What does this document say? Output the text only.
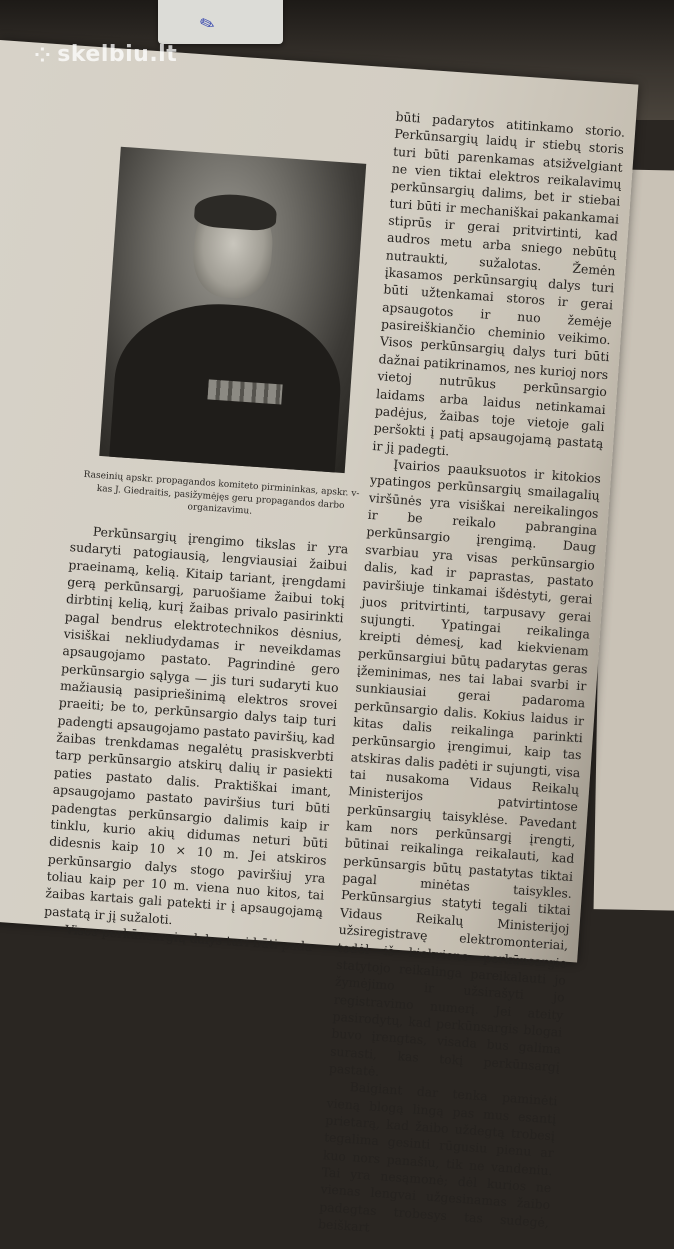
✎
Raseinių apskr. propagandos komiteto pirmininkas, apskr. v-kas J. Giedraitis, pasižymėjęs geru propagandos darbo organizavimu.

Perkūnsargių įrengimo tikslas ir yra sudaryti patogiausią, lengviausiai žaibui praeinamą, kelią. Kitaip tariant, įrengdami gerą perkūnsargį, paruošiame žaibui tokį dirbtinį kelią, kurį žaibas privalo pasirinkti pagal bendrus elektrotechnikos dėsnius, visiškai nekliudydamas ir neveikdamas apsaugojamo pastato. Pagrindinė gero perkūnsargio sąlyga — jis turi sudaryti kuo mažiausią pasipriešinimą elektros srovei praeiti; be to, perkūnsargio dalys taip turi padengti apsaugojamo pastato paviršių, kad žaibas trenkdamas negalėtų prasiskverbti tarp perkūnsargio atskirų dalių ir pasiekti paties pastato dalis. Praktiškai imant, apsaugojamo pastato paviršius turi būti padengtas perkūnsargio dalimis kaip ir tinklu, kurio akių didumas neturi būti didesnis kaip 10 × 10 m. Jei atskiros perkūnsargio dalys stogo paviršiuj yra toliau kaip per 10 m. viena nuo kitos, tai žaibas kartais gali patekti ir į apsaugojamą pastatą ir jį sužaloti.

Visos perkūnsargių dalys turi būti pada-

būti padarytos atitinkamo storio. Perkūnsargių laidų ir stiebų storis turi būti parenkamas atsižvelgiant ne vien tiktai elektros reikalavimų perkūnsargių dalims, bet ir stiebai turi būti ir mechaniškai pakankamai stiprūs ir gerai pritvirtinti, kad audros metu arba sniego nebūtų nutraukti, sužalotas. Žemėn įkasamos perkūnsargių dalys turi būti užtenkamai storos ir gerai apsaugotos ir nuo žemėje pasireiškiančio cheminio veikimo. Visos perkūnsargių dalys turi būti dažnai patikrinamos, nes kurioj nors vietoj nutrūkus perkūnsargio laidams arba laidus netinkamai padėjus, žaibas toje vietoje gali peršokti į patį apsaugojamą pastatą ir jį padegti.

Įvairios paauksuotos ir kitokios ypatingos perkūnsargių smailagalių viršūnės yra visiškai nereikalingos ir be reikalo pabrangina perkūnsargio įrengimą. Daug svarbiau yra visas perkūnsargio dalis, kad ir paprastas, pastato paviršiuje tinkamai išdėstyti, gerai juos pritvirtinti, tarpusavy gerai sujungti. Ypatingai reikalinga kreipti dėmesį, kad kiekvienam perkūnsargiui būtų padarytas geras įžeminimas, nes tai labai svarbi ir sunkiausiai gerai padaroma perkūnsargio dalis. Kokius laidus ir kitas dalis reikalinga parinkti perkūnsargio įrengimui, kaip tas atskiras dalis padėti ir sujungti, visa tai nusakoma Vidaus Reikalų Ministerijos patvirtintose perkūnsargių taisyklėse. Pavedant kam nors perkūnsargį įrengti, būtinai reikalinga reikalauti, kad perkūnsargis būtų pastatytas tiktai pagal minėtas taisykles. Perkūnsargius statyti tegali tiktai Vidaus Reikalų Ministerijoj užsiregistravę elektromonteriai, todėl iš kiekvieno perkūnsargio statytojo reikalinga pareikalauti jo žymėjimo ir užsirašyti jo registravimo numerį. Jei ateity pasirodytų, kad perkūnsargis blogai buvo įrengtas, visada bus galima surasti, kas tokį perkūnsargį pastatė.

Baigiant dar tenka paminėti vieną blogą lingą pas mus esantį prietarą, kad žaibo uždegtą trobesį tegalima gesinti rūgusiu pienu ar kuo nors panašiu, tik ne vandeniu. Tai yra nesąmonė; dėl kurios ne vienas lengvai užgesinamas žaibo padegtas trobesys tas sudegė, beiškart

⁘ skelbiu.lt
